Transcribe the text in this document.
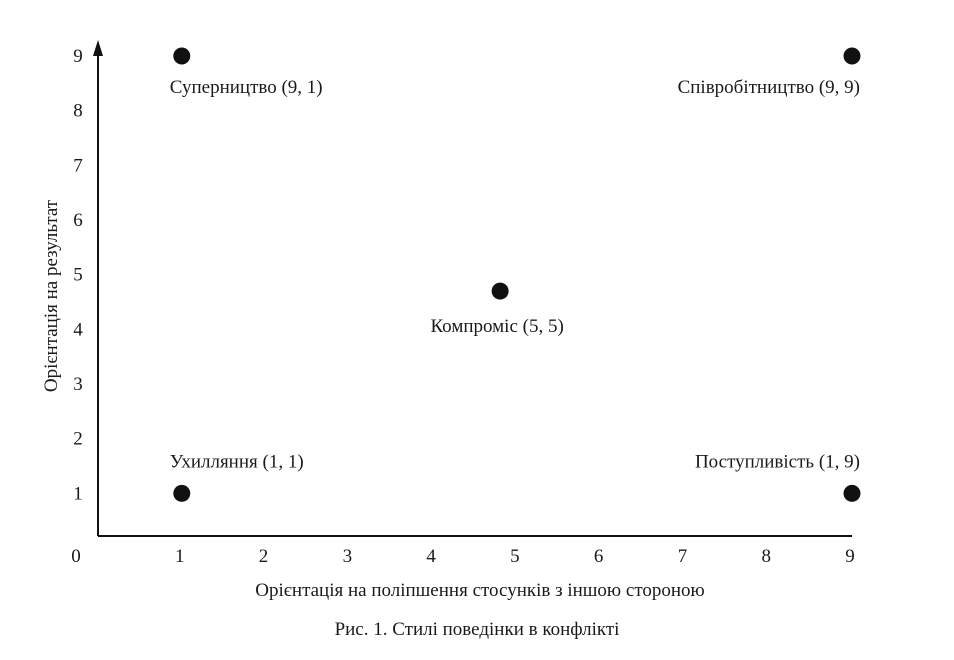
0	1	2	3	4	5	6	7	8	9
1
2
3
4
5
6
7
8
9
Суперництво (9, 1)	Співробітництво (9, 9)
Компроміс (5, 5)
Ухилляння (1, 1)	Поступливість (1, 9)
Орієнтація на результат
Орієнтація на поліпшення стосунків з іншою стороною
Рис. 1. Стилі поведінки в конфлікті
